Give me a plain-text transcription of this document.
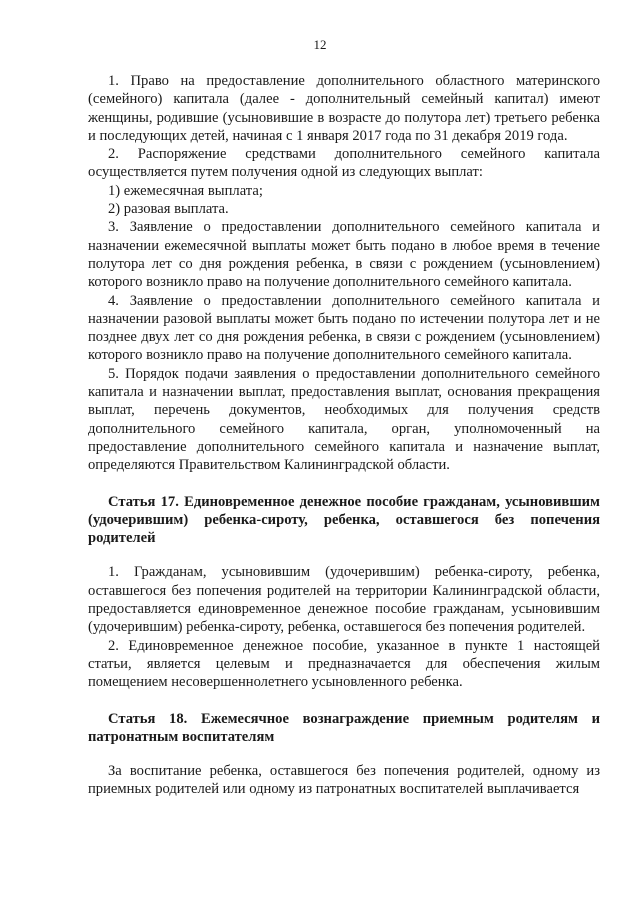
12

1. Право на предоставление дополнительного областного материнского (семейного) капитала (далее - дополнительный семейный капитал) имеют женщины, родившие (усыновившие в возрасте до полутора лет) третьего ребенка и последующих детей, начиная с 1 января 2017 года по 31 декабря 2019 года.

2. Распоряжение средствами дополнительного семейного капитала осуществляется путем получения одной из следующих выплат:

1) ежемесячная выплата;

2) разовая выплата.

3. Заявление о предоставлении дополнительного семейного капитала и назначении ежемесячной выплаты может быть подано в любое время в течение полутора лет со дня рождения ребенка, в связи с рождением (усыновлением) которого возникло право на получение дополнительного семейного капитала.

4. Заявление о предоставлении дополнительного семейного капитала и назначении разовой выплаты может быть подано по истечении полутора лет и не позднее двух лет со дня рождения ребенка, в связи с рождением (усыновлением) которого возникло право на получение дополнительного семейного капитала.

5. Порядок подачи заявления о предоставлении дополнительного семейного капитала и назначении выплат, предоставления выплат, основания прекращения выплат, перечень документов, необходимых для получения средств дополнительного семейного капитала, орган, уполномоченный на предоставление дополнительного семейного капитала и назначение выплат, определяются Правительством Калининградской области.

Статья 17. Единовременное денежное пособие гражданам, усыновившим (удочерившим) ребенка-сироту, ребенка, оставшегося без попечения родителей

1. Гражданам, усыновившим (удочерившим) ребенка-сироту, ребенка, оставшегося без попечения родителей на территории Калининградской области, предоставляется единовременное денежное пособие гражданам, усыновившим (удочерившим) ребенка-сироту, ребенка, оставшегося без попечения родителей.

2. Единовременное денежное пособие, указанное в пункте 1 настоящей статьи, является целевым и предназначается для обеспечения жилым помещением несовершеннолетнего усыновленного ребенка.

Статья 18. Ежемесячное вознаграждение приемным родителям и патронатным воспитателям

За воспитание ребенка, оставшегося без попечения родителей, одному из приемных родителей или одному из патронатных воспитателей выплачивается
